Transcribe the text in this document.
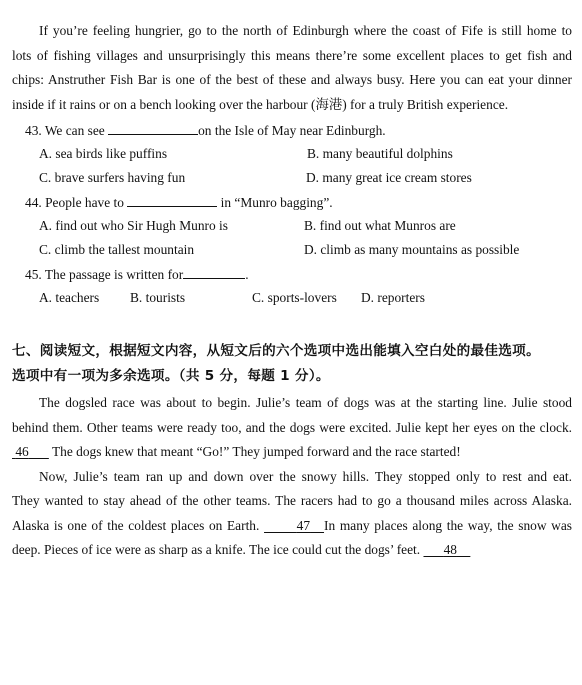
If you’re feeling hungrier, go to the north of Edinburgh where the coast of Fife is still home to
lots of fishing villages and unsurprisingly this means there’re some excellent places to get fish and
chips: Anstruther Fish Bar is one of the best of these and always busy. Here you can eat your dinner
inside if it rains or on a bench looking over the harbour (海港) for a truly British experience.
43. We can see	on the Isle of May near Edinburgh.
A. sea birds like puffins	B. many beautiful dolphins
C. brave surfers having fun	D. many great ice cream stores
44. People have to	in “Munro bagging”.
A. find out who Sir Hugh Munro is	B. find out what Munros are
C. climb the tallest mountain	D. climb as many mountains as possible
45. The passage is written for	.
A. teachers B. tourists	C. sports-lovers D. reporters
七、阅读短文，根据短文内容，从短文后的六个选项中选出能填入空白处的最佳选项。
选项中有一项为多余选项。（共 5 分，每题 1 分）。
The dogsled race was about to begin. Julie’s team of dogs was at the starting line. Julie stood
behind them. Other teams were ready too, and the dogs were excited. Julie kept her eyes on the clock.
46 The dogs knew that meant “Go!” They jumped forward and the race started!
Now, Julie’s team ran up and down over the snowy hills. They stopped only to rest and eat.
They wanted to stay ahead of the other teams. The racers had to go a thousand miles across Alaska.
Alaska is one of the coldest places on Earth.	47 In many places along the way, the snow was
deep. Pieces of ice were as sharp as a knife. The ice could cut the dogs’ feet. 48
